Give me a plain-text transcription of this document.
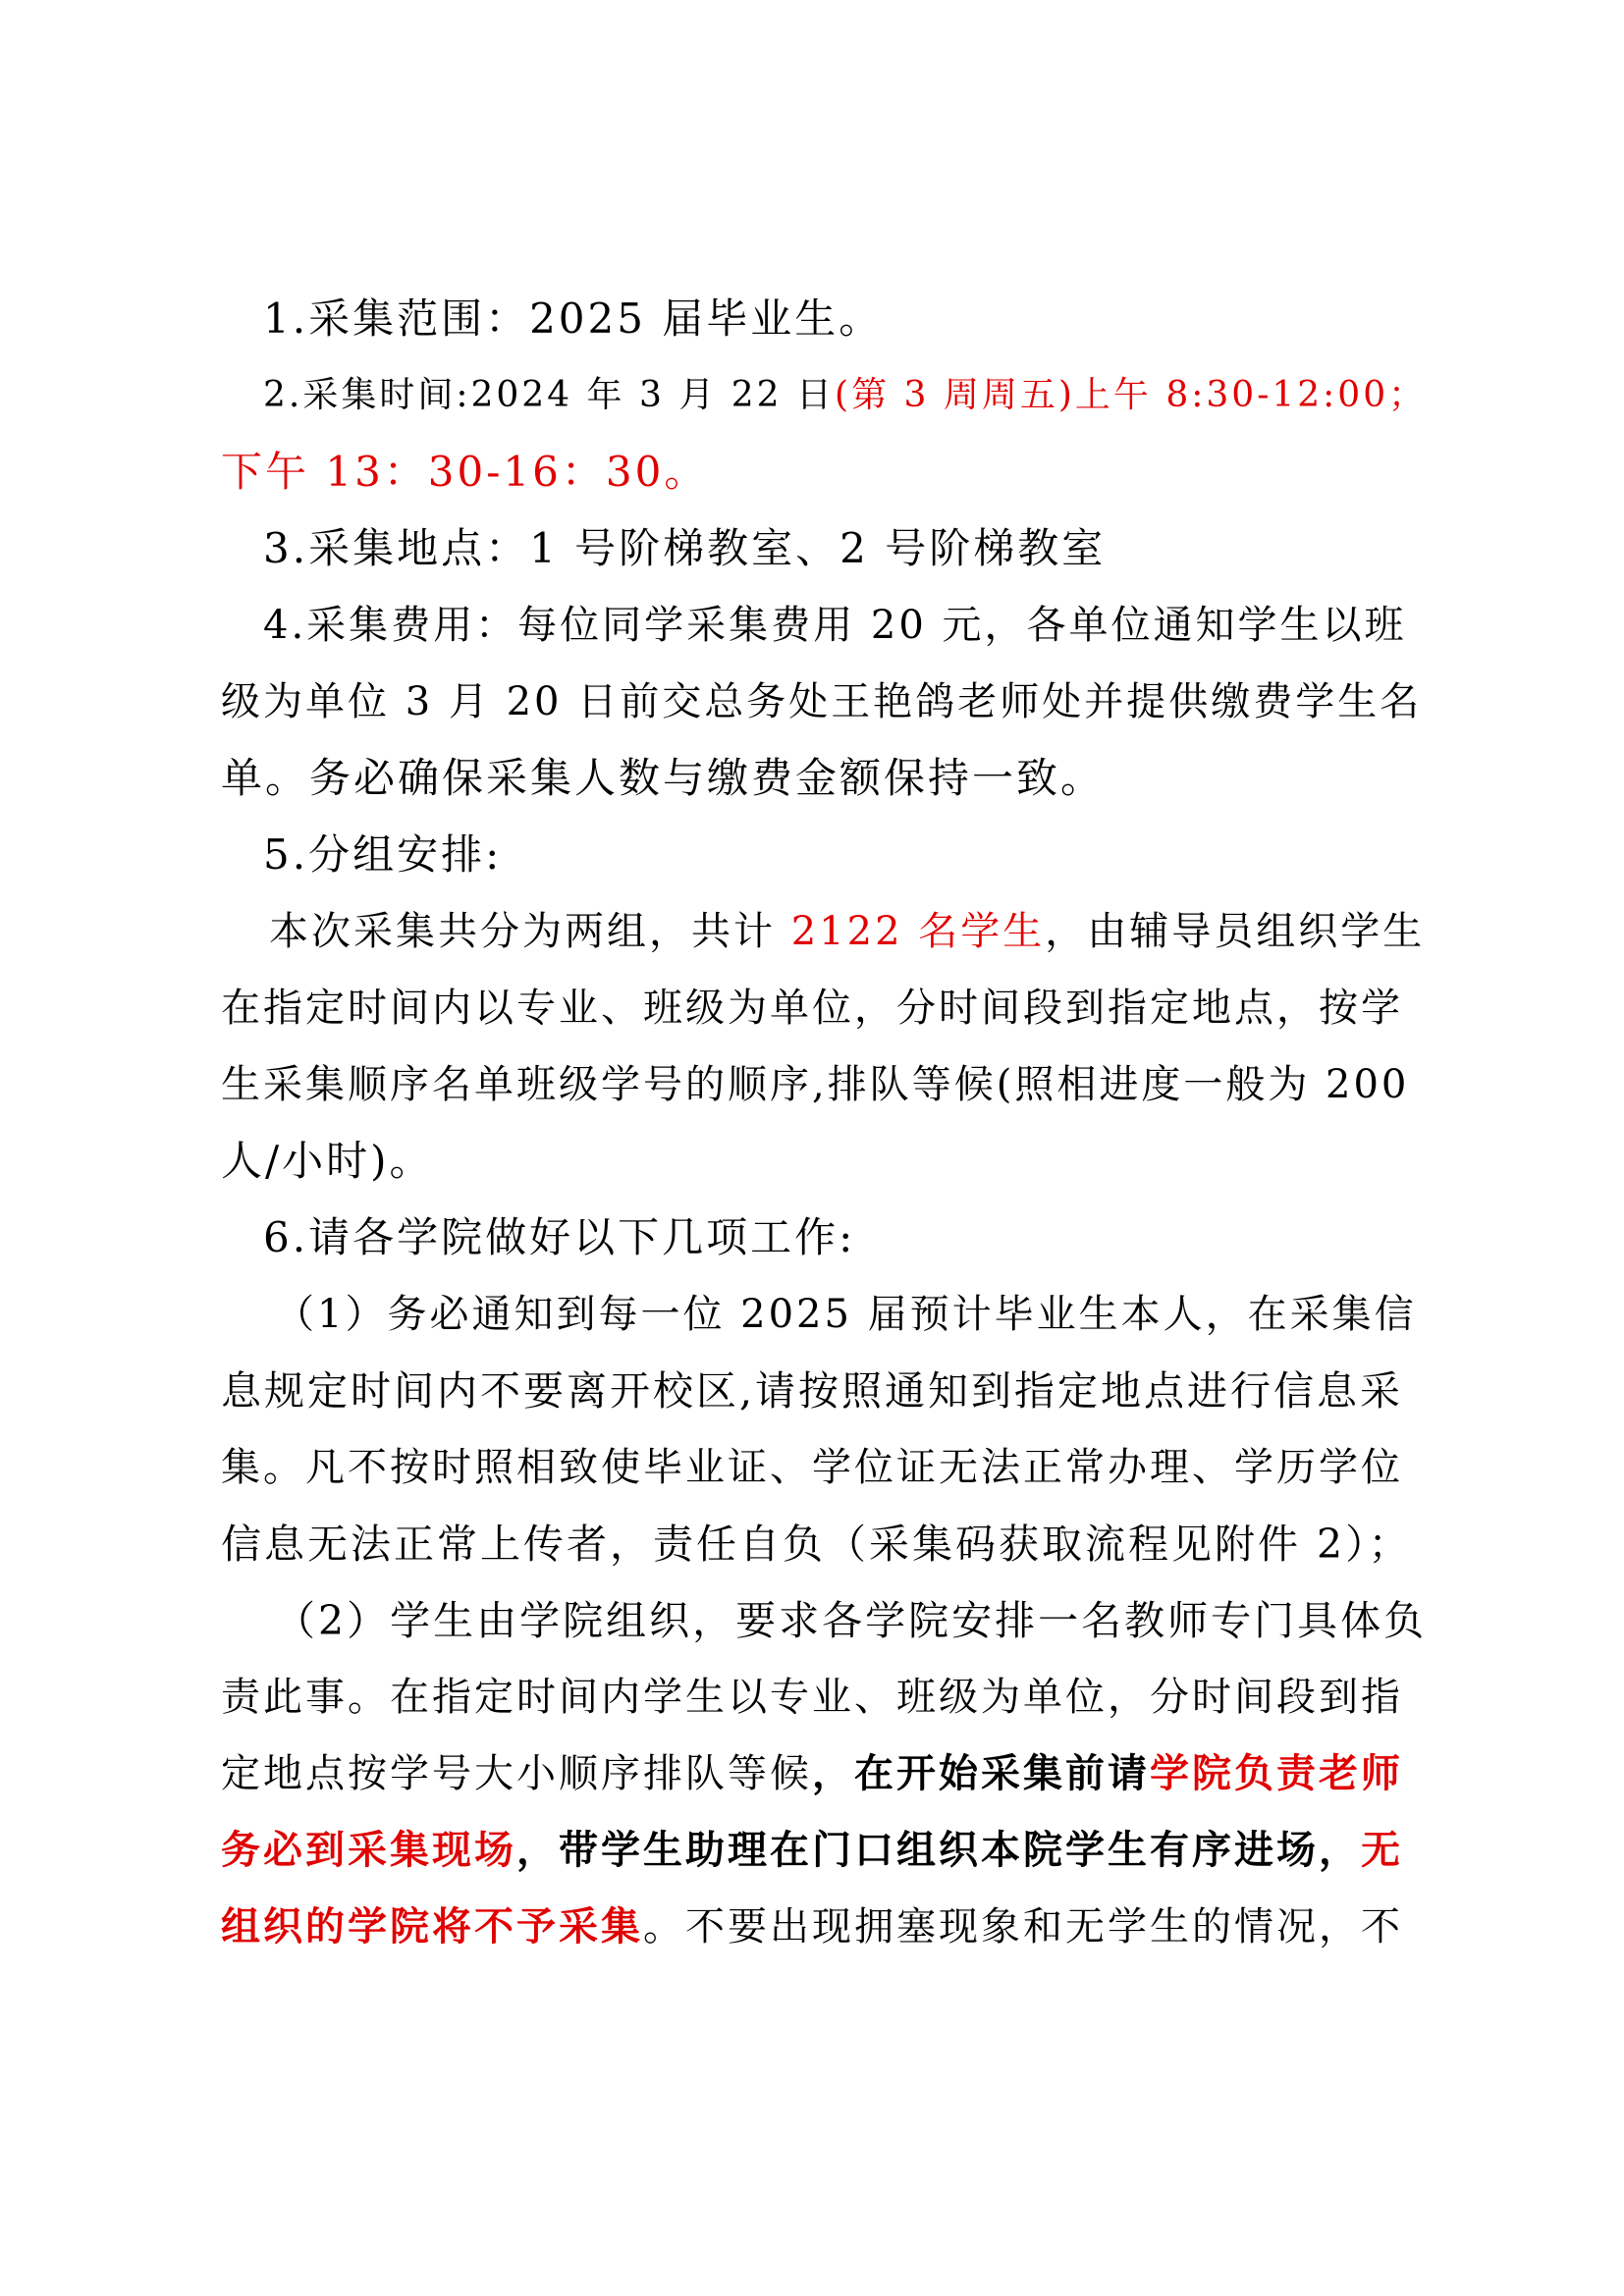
1.采集范围：2025 届毕业生。
2.采集时间:2024 年 3 月 22 日(第 3 周周五)上午 8:30-12:00；
下午 13：30-16：30。
3.采集地点：1 号阶梯教室、2 号阶梯教室
4.采集费用：每位同学采集费用 20 元，各单位通知学生以班
级为单位 3 月 20 日前交总务处王艳鸽老师处并提供缴费学生名
单。务必确保采集人数与缴费金额保持一致。
5.分组安排:
本次采集共分为两组，共计 2122 名学生，由辅导员组织学生
在指定时间内以专业、班级为单位，分时间段到指定地点，按学
生采集顺序名单班级学号的顺序,排队等候(照相进度一般为 200
人/小时)。
6.请各学院做好以下几项工作:
（1）务必通知到每一位 2025 届预计毕业生本人，在采集信
息规定时间内不要离开校区,请按照通知到指定地点进行信息采
集。凡不按时照相致使毕业证、学位证无法正常办理、学历学位
信息无法正常上传者，责任自负（采集码获取流程见附件 2）；
（2）学生由学院组织，要求各学院安排一名教师专门具体负
责此事。在指定时间内学生以专业、班级为单位，分时间段到指
定地点按学号大小顺序排队等候，在开始采集前请学院负责老师
务必到采集现场，带学生助理在门口组织本院学生有序进场，无
组织的学院将不予采集。不要出现拥塞现象和无学生的情况，不
